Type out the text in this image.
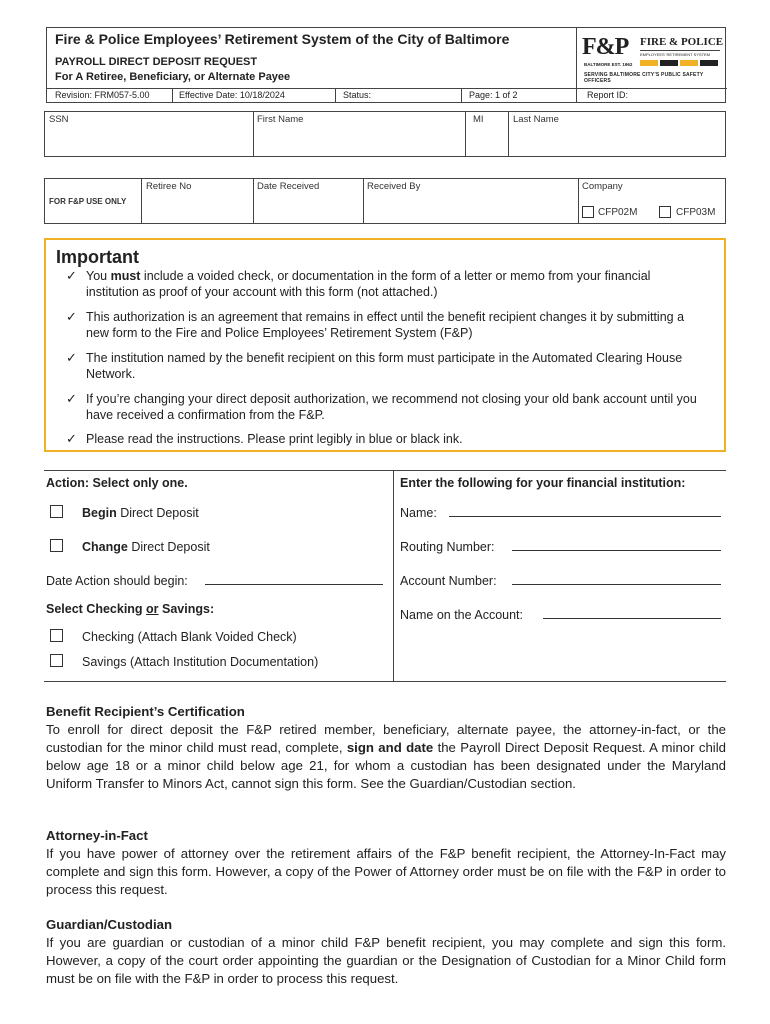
Fire & Police Employees’ Retirement System of the City of Baltimore
PAYROLL DIRECT DEPOSIT REQUEST
For A Retiree, Beneficiary, or Alternate Payee
F&P FIRE & POLICE
EMPLOYEES’ RETIREMENT SYSTEM
BALTIMORE EST. 1962
SERVING BALTIMORE CITY’S PUBLIC SAFETY OFFICERS
Revision: FRM057-5.00	Effective Date: 10/18/2024	Status:	Page: 1 of 2	Report ID:
SSN	First Name	MI	Last Name
FOR F&P USE ONLY
Retiree No	Date Received	Received By	Company
CFP02M	CFP03M
Important
✓ You must include a voided check, or documentation in the form of a letter or memo from your financial institution as proof of your account with this form (not attached.)
✓ This authorization is an agreement that remains in effect until the benefit recipient changes it by submitting a new form to the Fire and Police Employees’ Retirement System (F&P)
✓ The institution named by the benefit recipient on this form must participate in the Automated Clearing House Network.
✓ If you’re changing your direct deposit authorization, we recommend not closing your old bank account until you have received a confirmation from the F&P.
✓ Please read the instructions. Please print legibly in blue or black ink.
Action: Select only one.
Begin Direct Deposit
Change Direct Deposit
Date Action should begin:
Select Checking or Savings:
Checking (Attach Blank Voided Check)
Savings (Attach Institution Documentation)
Enter the following for your financial institution:
Name:
Routing Number:
Account Number:
Name on the Account:
Benefit Recipient’s Certification
To enroll for direct deposit the F&P retired member, beneficiary, alternate payee, the attorney-in-fact, or the custodian for the minor child must read, complete, sign and date the Payroll Direct Deposit Request. A minor child below age 18 or a minor child below age 21, for whom a custodian has been designated under the Maryland Uniform Transfer to Minors Act, cannot sign this form. See the Guardian/Custodian section.
Attorney-in-Fact
If you have power of attorney over the retirement affairs of the F&P benefit recipient, the Attorney-In-Fact may complete and sign this form. However, a copy of the Power of Attorney order must be on file with the F&P in order to process this request.
Guardian/Custodian
If you are guardian or custodian of a minor child F&P benefit recipient, you may complete and sign this form. However, a copy of the court order appointing the guardian or the Designation of Custodian for a Minor Child form must be on file with the F&P in order to process this request.
